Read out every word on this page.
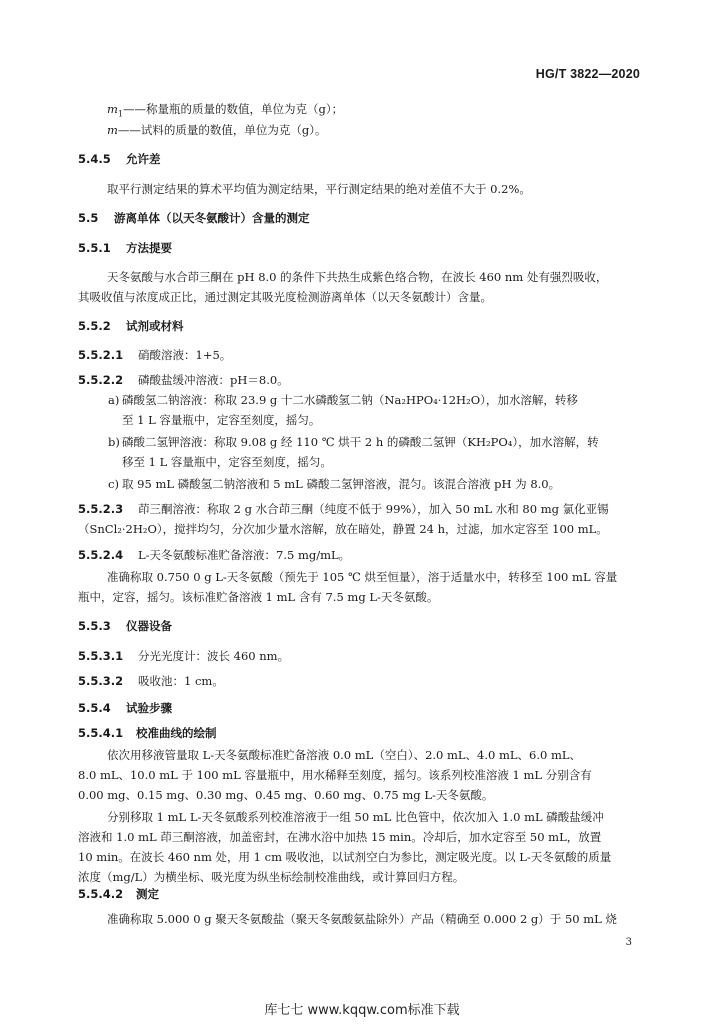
HG/T 3822—2020
$m_1——$称量瓶的质量的数值，单位为克（g）；
m——试料的质量的数值，单位为克（g）。
5.4.5 允许差
取平行测定结果的算术平均值为测定结果，平行测定结果的绝对差值不大于 0.2%。
5.5 游离单体（以天冬氨酸计）含量的测定
5.5.1 方法提要
天冬氨酸与水合茚三酮在 pH 8.0 的条件下共热生成紫色络合物，在波长 460 nm 处有强烈吸收，
其吸收值与浓度成正比，通过测定其吸光度检测游离单体（以天冬氨酸计）含量。
5.5.2 试剂或材料
5.5.2.1 硝酸溶液：1+5。
5.5.2.2 磷酸盐缓冲溶液：pH＝8.0。
a) 磷酸氢二钠溶液：称取 23.9 g 十二水磷酸氢二钠（Na₂HPO₄·12H₂O），加水溶解，转移
至 1 L 容量瓶中，定容至刻度，摇匀。
b) 磷酸二氢钾溶液：称取 9.08 g 经 110 ℃ 烘干 2 h 的磷酸二氢钾（KH₂PO₄），加水溶解，转
移至 1 L 容量瓶中，定容至刻度，摇匀。
c) 取 95 mL 磷酸氢二钠溶液和 5 mL 磷酸二氢钾溶液，混匀。该混合溶液 pH 为 8.0。
5.5.2.3 茚三酮溶液：称取 2 g 水合茚三酮（纯度不低于 99%），加入 50 mL 水和 80 mg 氯化亚锡
（SnCl₂·2H₂O），搅拌均匀，分次加少量水溶解，放在暗处，静置 24 h，过滤，加水定容至 100 mL。
5.5.2.4 L-天冬氨酸标准贮备溶液：7.5 mg/mL。
准确称取 0.750 0 g L-天冬氨酸（预先于 105 ℃ 烘至恒量），溶于适量水中，转移至 100 mL 容量
瓶中，定容，摇匀。该标准贮备溶液 1 mL 含有 7.5 mg L-天冬氨酸。
5.5.3 仪器设备
5.5.3.1 分光光度计：波长 460 nm。
5.5.3.2 吸收池：1 cm。
5.5.4 试验步骤
5.5.4.1 校准曲线的绘制
依次用移液管量取 L-天冬氨酸标准贮备溶液 0.0 mL（空白）、2.0 mL、4.0 mL、6.0 mL、
8.0 mL、10.0 mL 于 100 mL 容量瓶中，用水稀释至刻度，摇匀。该系列校准溶液 1 mL 分别含有
0.00 mg、0.15 mg、0.30 mg、0.45 mg、0.60 mg、0.75 mg L-天冬氨酸。
分别移取 1 mL L-天冬氨酸系列校准溶液于一组 50 mL 比色管中，依次加入 1.0 mL 磷酸盐缓冲
溶液和 1.0 mL 茚三酮溶液，加盖密封，在沸水浴中加热 15 min。冷却后，加水定容至 50 mL，放置
10 min。在波长 460 nm 处，用 1 cm 吸收池，以试剂空白为参比，测定吸光度。以 L-天冬氨酸的质量
浓度（mg/L）为横坐标、吸光度为纵坐标绘制校准曲线，或计算回归方程。
5.5.4.2 测定
准确称取 5.000 0 g 聚天冬氨酸盐（聚天冬氨酸氨盐除外）产品（精确至 0.000 2 g）于 50 mL 烧
3
库七七 www.kqqw.com标准下载
